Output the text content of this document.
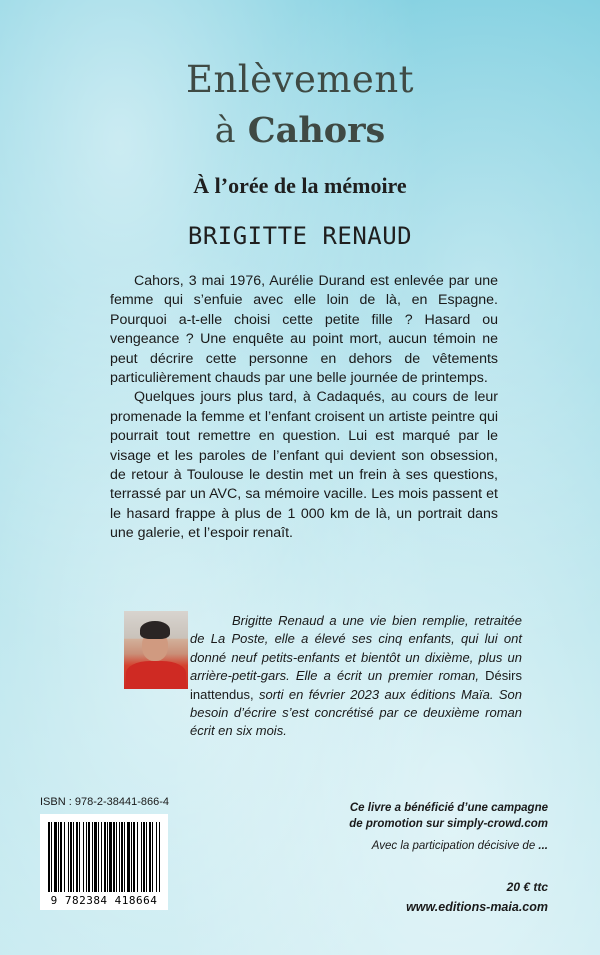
Enlèvement
à Cahors
À l’orée de la mémoire
BRIGITTE RENAUD

Cahors, 3 mai 1976, Aurélie Durand est enlevée par une femme qui s’enfuie avec elle loin de là, en Espagne. Pourquoi a-t-elle choisi cette petite fille ? Hasard ou vengeance ? Une enquête au point mort, aucun témoin ne peut décrire cette personne en dehors de vêtements particulièrement chauds par une belle journée de printemps.

Quelques jours plus tard, à Cadaqués, au cours de leur promenade la femme et l’enfant croisent un artiste peintre qui pourrait tout remettre en question. Lui est marqué par le visage et les paroles de l’enfant qui devient son obsession, de retour à Toulouse le destin met un frein à ses questions, terrassé par un AVC, sa mémoire vacille. Les mois passent et le hasard frappe à plus de 1 000 km de là, un portrait dans une galerie, et l’espoir renaît.

Brigitte Renaud a une vie bien remplie, retraitée de La Poste, elle a élevé ses cinq enfants, qui lui ont donné neuf petits-enfants et bientôt un dixième, plus un arrière-petit-gars. Elle a écrit un premier roman, Désirs inattendus, sorti en février 2023 aux éditions Maïa. Son besoin d’écrire s’est concrétisé par ce deuxième roman écrit en six mois.
ISBN : 978-2-38441-866-4
9 782384 418664
Ce livre a bénéficié d’une campagne
de promotion sur simply-crowd.com
Avec la participation décisive de ...
20 € ttc
www.editions-maia.com
